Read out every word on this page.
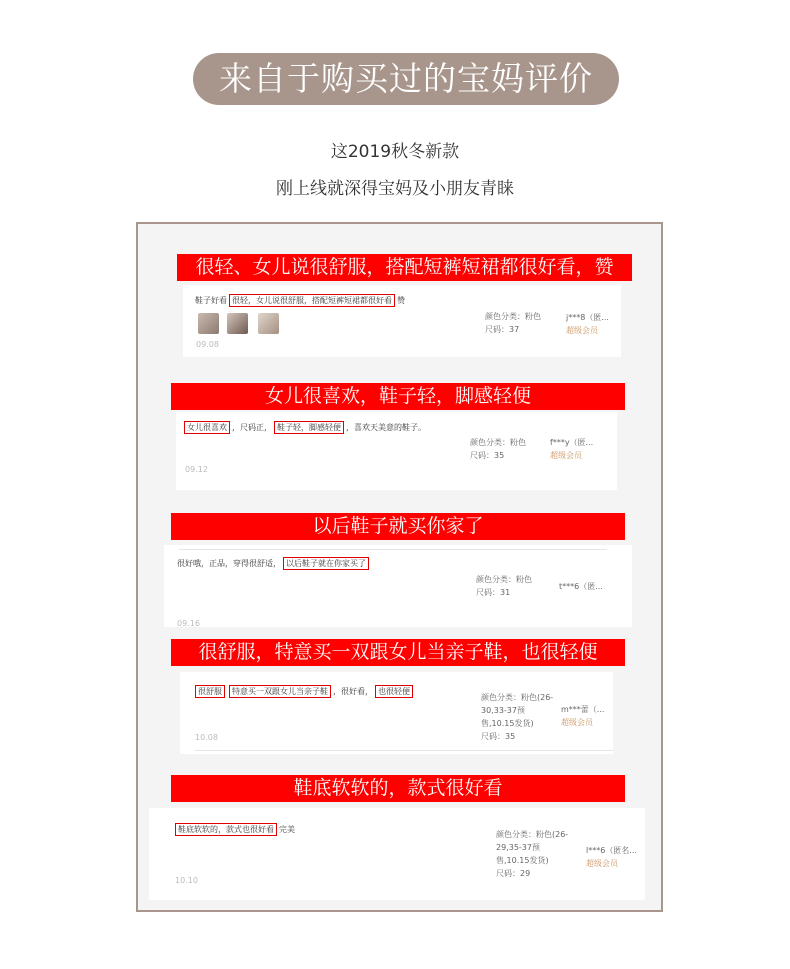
来自于购买过的宝妈评价
这2019秋冬新款
刚上线就深得宝妈及小朋友青睐
很轻、女儿说很舒服，搭配短裤短裙都很好看，赞
鞋子好看 很轻，女儿说很舒服，搭配短裤短裙都很好看 赞
09.08
颜色分类：粉色
尺码：37
j***8（匿...
超级会员
女儿很喜欢，鞋子轻，脚感轻便
女儿很喜欢 ，尺码正， 鞋子轻，脚感轻便 ，喜欢天美意的鞋子。
09.12
颜色分类：粉色
尺码：35
f***y（匿...
超级会员
以后鞋子就买你家了
很好哦，正品，穿得很舒适， 以后鞋子就在你家买了
颜色分类：粉色
尺码：31
t***6（匿...
09.16
很舒服，特意买一双跟女儿当亲子鞋，也很轻便
很舒服 特意买一双跟女儿当亲子鞋 ，很好看， 也很轻便
颜色分类：粉色(26-
30,33-37预
售,10.15发货)
尺码：35
m***蕾（...
超级会员
10.08
鞋底软软的，款式很好看
鞋底软软的，款式也很好看 完美
颜色分类：粉色(26-
29,35-37预
售,10.15发货)
尺码：29
l***6（匿名...
超级会员
10.10
